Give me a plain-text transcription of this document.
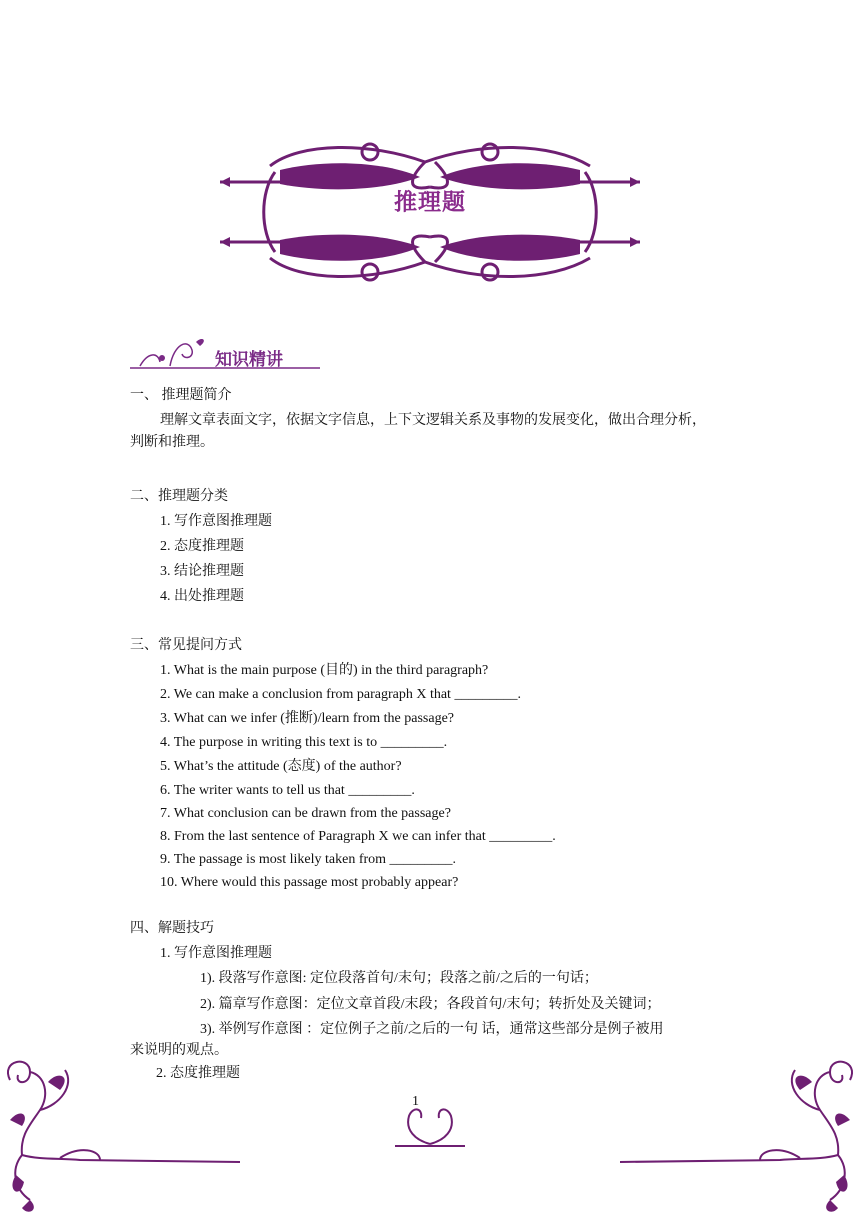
推理题
知识精讲
一、 推理题简介
理解文章表面文字，依据文字信息，上下文逻辑关系及事物的发展变化，做出合理分析，
判断和推理。
二、推理题分类
1. 写作意图推理题
2. 态度推理题
3. 结论推理题
4. 出处推理题
三、常见提问方式
1. What is the main purpose (目的) in the third paragraph?
2. We can make a conclusion from paragraph X that _________.
3. What can we infer (推断)/learn from the passage?
4. The purpose in writing this text is to _________.
5. What’s the attitude (态度) of the author?
6. The writer wants to tell us that _________.
7. What conclusion can be drawn from the passage?
8. From the last sentence of Paragraph X we can infer that _________.
9. The passage is most likely taken from _________.
10. Where would this passage most probably appear?
四、解题技巧
1. 写作意图推理题
1). 段落写作意图: 定位段落首句/末句；段落之前/之后的一句话；
2). 篇章写作意图：定位文章首段/末段；各段首句/末句；转折处及关键词；
3). 举例写作意图 ：定位例子之前/之后的一句 话，通常这些部分是例子被用
来说明的观点。
2. 态度推理题
1
